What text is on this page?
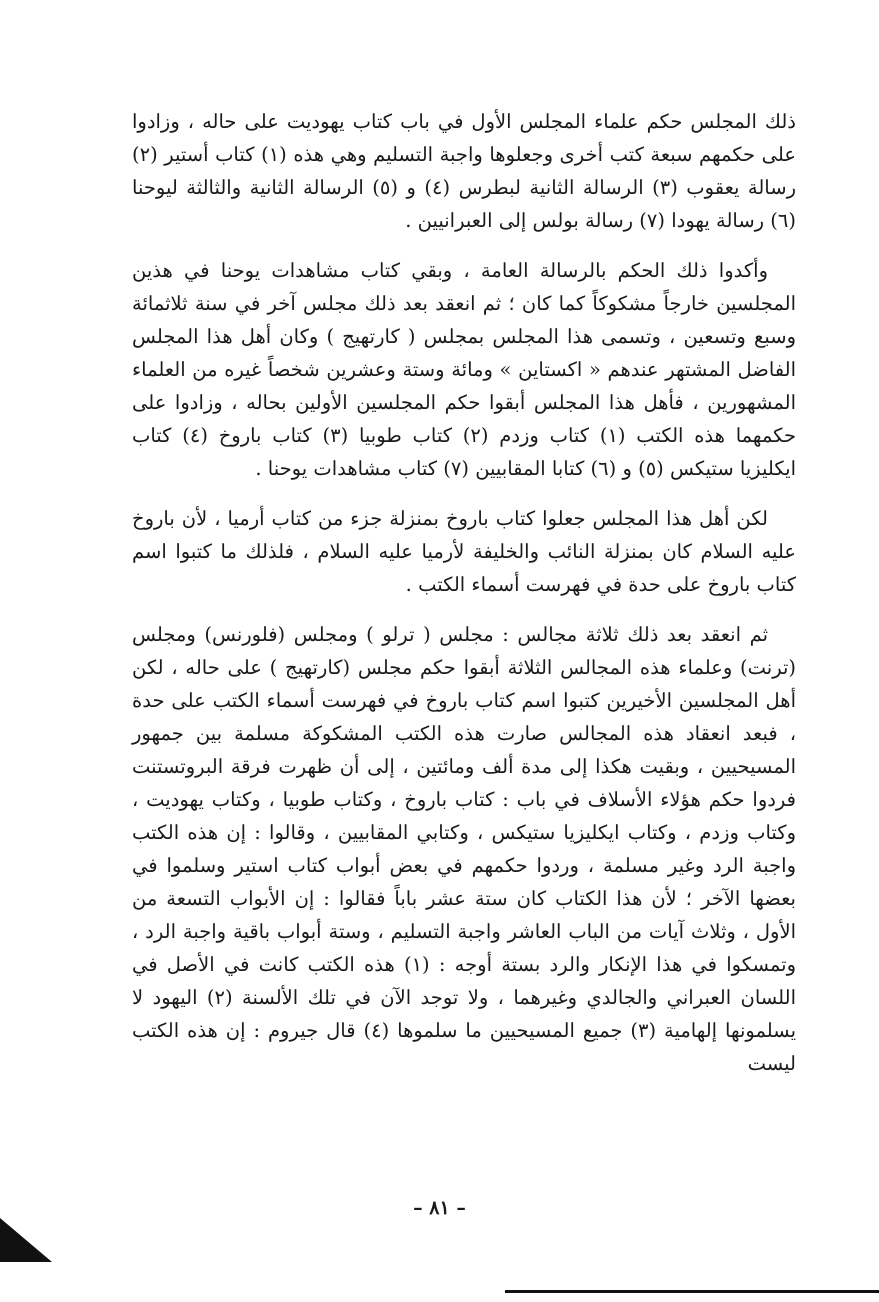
ذلك المجلس حكم علماء المجلس الأول في باب كتاب يهوديت على حاله ، وزادوا على حكمهم سبعة كتب أخرى وجعلوها واجبة التسليم وهي هذه (١) كتاب أستير (٢) رسالة يعقوب (٣) الرسالة الثانية لبطرس (٤) و (٥) الرسالة الثانية والثالثة ليوحنا (٦) رسالة يهودا (٧) رسالة بولس إلى العبرانيين .

وأكدوا ذلك الحكم بالرسالة العامة ، وبقي كتاب مشاهدات يوحنا في هذين المجلسين خارجاً مشكوكاً كما كان ؛ ثم انعقد بعد ذلك مجلس آخر في سنة ثلاثمائة وسبع وتسعين ، وتسمى هذا المجلس بمجلس ( كارتهيج ) وكان أهل هذا المجلس الفاضل المشتهر عندهم « اكستاين » ومائة وستة وعشرين شخصاً غيره من العلماء المشهورين ، فأهل هذا المجلس أبقوا حكم المجلسين الأولين بحاله ، وزادوا على حكمهما هذه الكتب (١) كتاب وزدم (٢) كتاب طوبيا (٣) كتاب باروخ (٤) كتاب ايكليزيا ستيكس (٥) و (٦) كتابا المقابيين (٧) كتاب مشاهدات يوحنا .

لكن أهل هذا المجلس جعلوا كتاب باروخ بمنزلة جزء من كتاب أرميا ، لأن باروخ عليه السلام كان بمنزلة النائب والخليفة لأرميا عليه السلام ، فلذلك ما كتبوا اسم كتاب باروخ على حدة في فهرست أسماء الكتب .

ثم انعقد بعد ذلك ثلاثة مجالس : مجلس ( ترلو ) ومجلس (فلورنس) ومجلس (ترنت) وعلماء هذه المجالس الثلاثة أبقوا حكم مجلس (كارتهيج ) على حاله ، لكن أهل المجلسين الأخيرين كتبوا اسم كتاب باروخ في فهرست أسماء الكتب على حدة ، فبعد انعقاد هذه المجالس صارت هذه الكتب المشكوكة مسلمة بين جمهور المسيحيين ، وبقيت هكذا إلى مدة ألف ومائتين ، إلى أن ظهرت فرقة البروتستنت فردوا حكم هؤلاء الأسلاف في باب : كتاب باروخ ، وكتاب طوبيا ، وكتاب يهوديت ، وكتاب وزدم ، وكتاب ايكليزيا ستيكس ، وكتابي المقابيين ، وقالوا : إن هذه الكتب واجبة الرد وغير مسلمة ، وردوا حكمهم في بعض أبواب كتاب استير وسلموا في بعضها الآخر ؛ لأن هذا الكتاب كان ستة عشر باباً فقالوا : إن الأبواب التسعة من الأول ، وثلاث آيات من الباب العاشر واجبة التسليم ، وستة أبواب باقية واجبة الرد ، وتمسكوا في هذا الإنكار والرد بستة أوجه : (١) هذه الكتب كانت في الأصل في اللسان العبراني والجالدي وغيرهما ، ولا توجد الآن في تلك الألسنة (٢) اليهود لا يسلمونها إلهامية (٣) جميع المسيحيين ما سلموها (٤) قال جيروم : إن هذه الكتب ليست

– ٨١ –
